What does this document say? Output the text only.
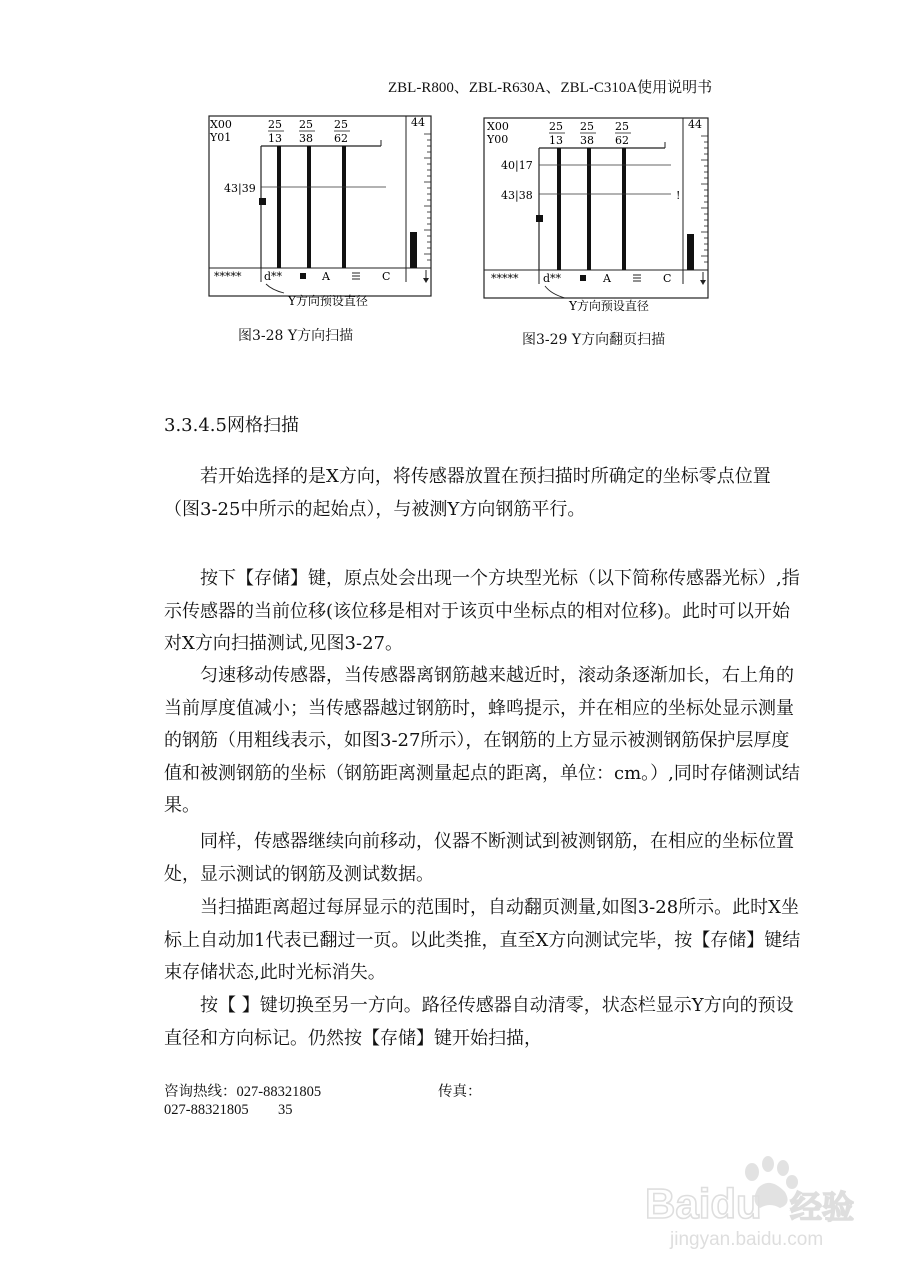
ZBL-R800、ZBL-R630A、ZBL-C310A使用说明书
X00
Y01
25
13
25
38
25
62
43|39
44
***** d**	A	C
Y方向预设直径
图3-28 Y方向扫描
X00
Y00
25
13
25
38
25
62
40|17
43|38	!
44
***** d**	A	C
Y方向预设直径
图3-29 Y方向翻页扫描
3.3.4.5网格扫描

若开始选择的是X方向，将传感器放置在预扫描时所确定的坐标零点位置（图3-25中所示的起始点），与被测Y方向钢筋平行。

按下【存储】键，原点处会出现一个方块型光标（以下简称传感器光标）,指示传感器的当前位移(该位移是相对于该页中坐标点的相对位移)。此时可以开始对X方向扫描测试,见图3-27。

匀速移动传感器，当传感器离钢筋越来越近时，滚动条逐渐加长，右上角的当前厚度值减小；当传感器越过钢筋时，蜂鸣提示，并在相应的坐标处显示测量的钢筋（用粗线表示，如图3-27所示），在钢筋的上方显示被测钢筋保护层厚度值和被测钢筋的坐标（钢筋距离测量起点的距离，单位：cm。）,同时存储测试结果。

同样，传感器继续向前移动，仪器不断测试到被测钢筋，在相应的坐标位置处，显示测试的钢筋及测试数据。

当扫描距离超过每屏显示的范围时，自动翻页测量,如图3-28所示。此时X坐标上自动加1代表已翻过一页。以此类推，直至X方向测试完毕，按【存储】键结束存储状态,此时光标消失。

按【 】键切换至另一方向。路径传感器自动清零，状态栏显示Y方向的预设直径和方向标记。仍然按【存储】键开始扫描，

咨询热线：027-88321805	传真：
027-88321805 35
Baidu 经验
jingyan.baidu.com
